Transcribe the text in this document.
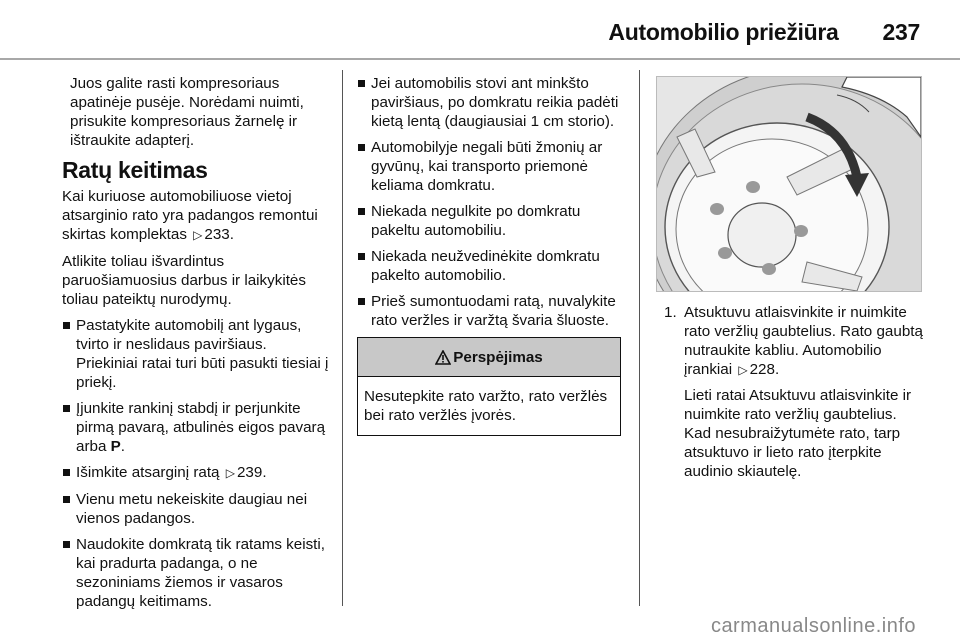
Automobilio priežiūra 237

Juos galite rasti kompresoriaus
apatinėje pusėje. Norėdami nuimti,
prisukite kompresoriaus žarnelę ir
ištraukite adapterį.

Ratų keitimas

Kai kuriuose automobiliuose vietoj atsarginio rato yra padangos remontui skirtas komplektas ▷ 233.

Atlikite toliau išvardintus paruošiamuosius darbus ir laikykitės toliau pateiktų nurodymų.

Pastatykite automobilį ant lygaus, tvirto ir neslidaus paviršiaus. Priekiniai ratai turi būti pasukti tiesiai į priekį.
Įjunkite rankinį stabdį ir perjunkite pirmą pavarą, atbulinės eigos pavarą arba P.
Išimkite atsarginį ratą ▷ 239.
Vienu metu nekeiskite daugiau nei vienos padangos.
Naudokite domkratą tik ratams keisti, kai pradurta padanga, o ne sezoniniams žiemos ir vasaros padangų keitimams.
Jei automobilis stovi ant minkšto paviršiaus, po domkratu reikia padėti kietą lentą (daugiausiai 1 cm storio).
Automobilyje negali būti žmonių ar gyvūnų, kai transporto priemonė keliama domkratu.
Niekada negulkite po domkratu pakeltu automobiliu.
Niekada neužvedinėkite domkratu pakelto automobilio.
Prieš sumontuodami ratą, nuvalykite rato veržles ir varžtą švaria šluoste.
Perspėjimas
Nesutepkite rato varžto, rato veržlės bei rato veržlės įvorės.
1. Atsuktuvu atlaisvinkite ir nuimkite rato veržlių gaubtelius. Rato gaubtą nutraukite kabliu. Automobilio įrankiai ▷ 228.

Lieti ratai Atsuktuvu atlaisvinkite ir nuimkite rato veržlių gaubtelius. Kad nesubraižytumėte rato, tarp atsuktuvo ir lieto rato įterpkite audinio skiautelę.

carmanualsonline.info
